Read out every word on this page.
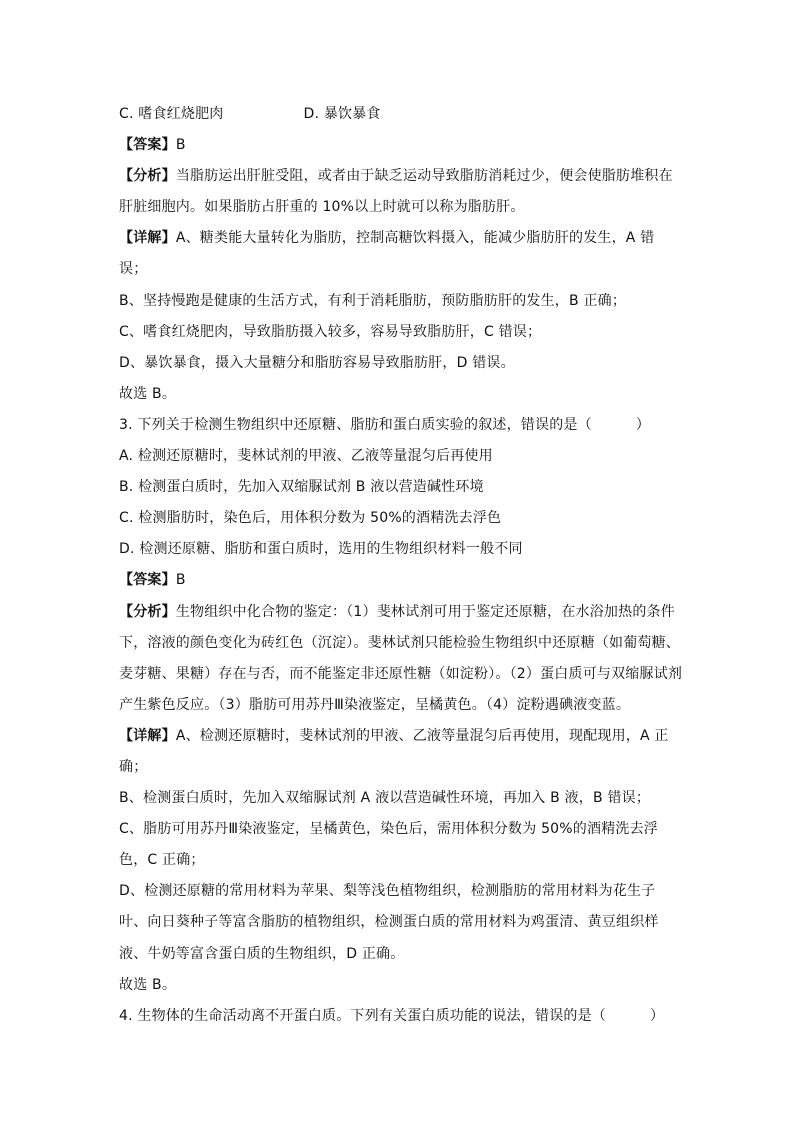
C. 嗜食红烧肥肉	D. 暴饮暴食
【答案】B
【分析】当脂肪运出肝脏受阻，或者由于缺乏运动导致脂肪消耗过少，便会使脂肪堆积在
肝脏细胞内。如果脂肪占肝重的 10%以上时就可以称为脂肪肝。
【详解】A、糖类能大量转化为脂肪，控制高糖饮料摄入，能减少脂肪肝的发生，A 错
误；
B、坚持慢跑是健康的生活方式，有利于消耗脂肪，预防脂肪肝的发生，B 正确；
C、嗜食红烧肥肉，导致脂肪摄入较多，容易导致脂肪肝，C 错误；
D、暴饮暴食，摄入大量糖分和脂肪容易导致脂肪肝，D 错误。
故选 B。
3. 下列关于检测生物组织中还原糖、脂肪和蛋白质实验的叙述，错误的是（	）
A. 检测还原糖时，斐林试剂的甲液、乙液等量混匀后再使用
B. 检测蛋白质时，先加入双缩脲试剂 B 液以营造碱性环境
C. 检测脂肪时，染色后，用体积分数为 50%的酒精洗去浮色
D. 检测还原糖、脂肪和蛋白质时，选用的生物组织材料一般不同
【答案】B
【分析】生物组织中化合物的鉴定：（1）斐林试剂可用于鉴定还原糖，在水浴加热的条件
下，溶液的颜色变化为砖红色（沉淀）。斐林试剂只能检验生物组织中还原糖（如葡萄糖、
麦芽糖、果糖）存在与否，而不能鉴定非还原性糖（如淀粉）。（2）蛋白质可与双缩脲试剂
产生紫色反应。（3）脂肪可用苏丹Ⅲ染液鉴定，呈橘黄色。（4）淀粉遇碘液变蓝。
【详解】A、检测还原糖时，斐林试剂的甲液、乙液等量混匀后再使用，现配现用，A 正
确；
B、检测蛋白质时，先加入双缩脲试剂 A 液以营造碱性环境，再加入 B 液，B 错误；
C、脂肪可用苏丹Ⅲ染液鉴定，呈橘黄色，染色后，需用体积分数为 50%的酒精洗去浮
色，C 正确；
D、检测还原糖的常用材料为苹果、梨等浅色植物组织，检测脂肪的常用材料为花生子
叶、向日葵种子等富含脂肪的植物组织，检测蛋白质的常用材料为鸡蛋清、黄豆组织样
液、牛奶等富含蛋白质的生物组织，D 正确。
故选 B。
4. 生物体的生命活动离不开蛋白质。下列有关蛋白质功能的说法，错误的是（	）
